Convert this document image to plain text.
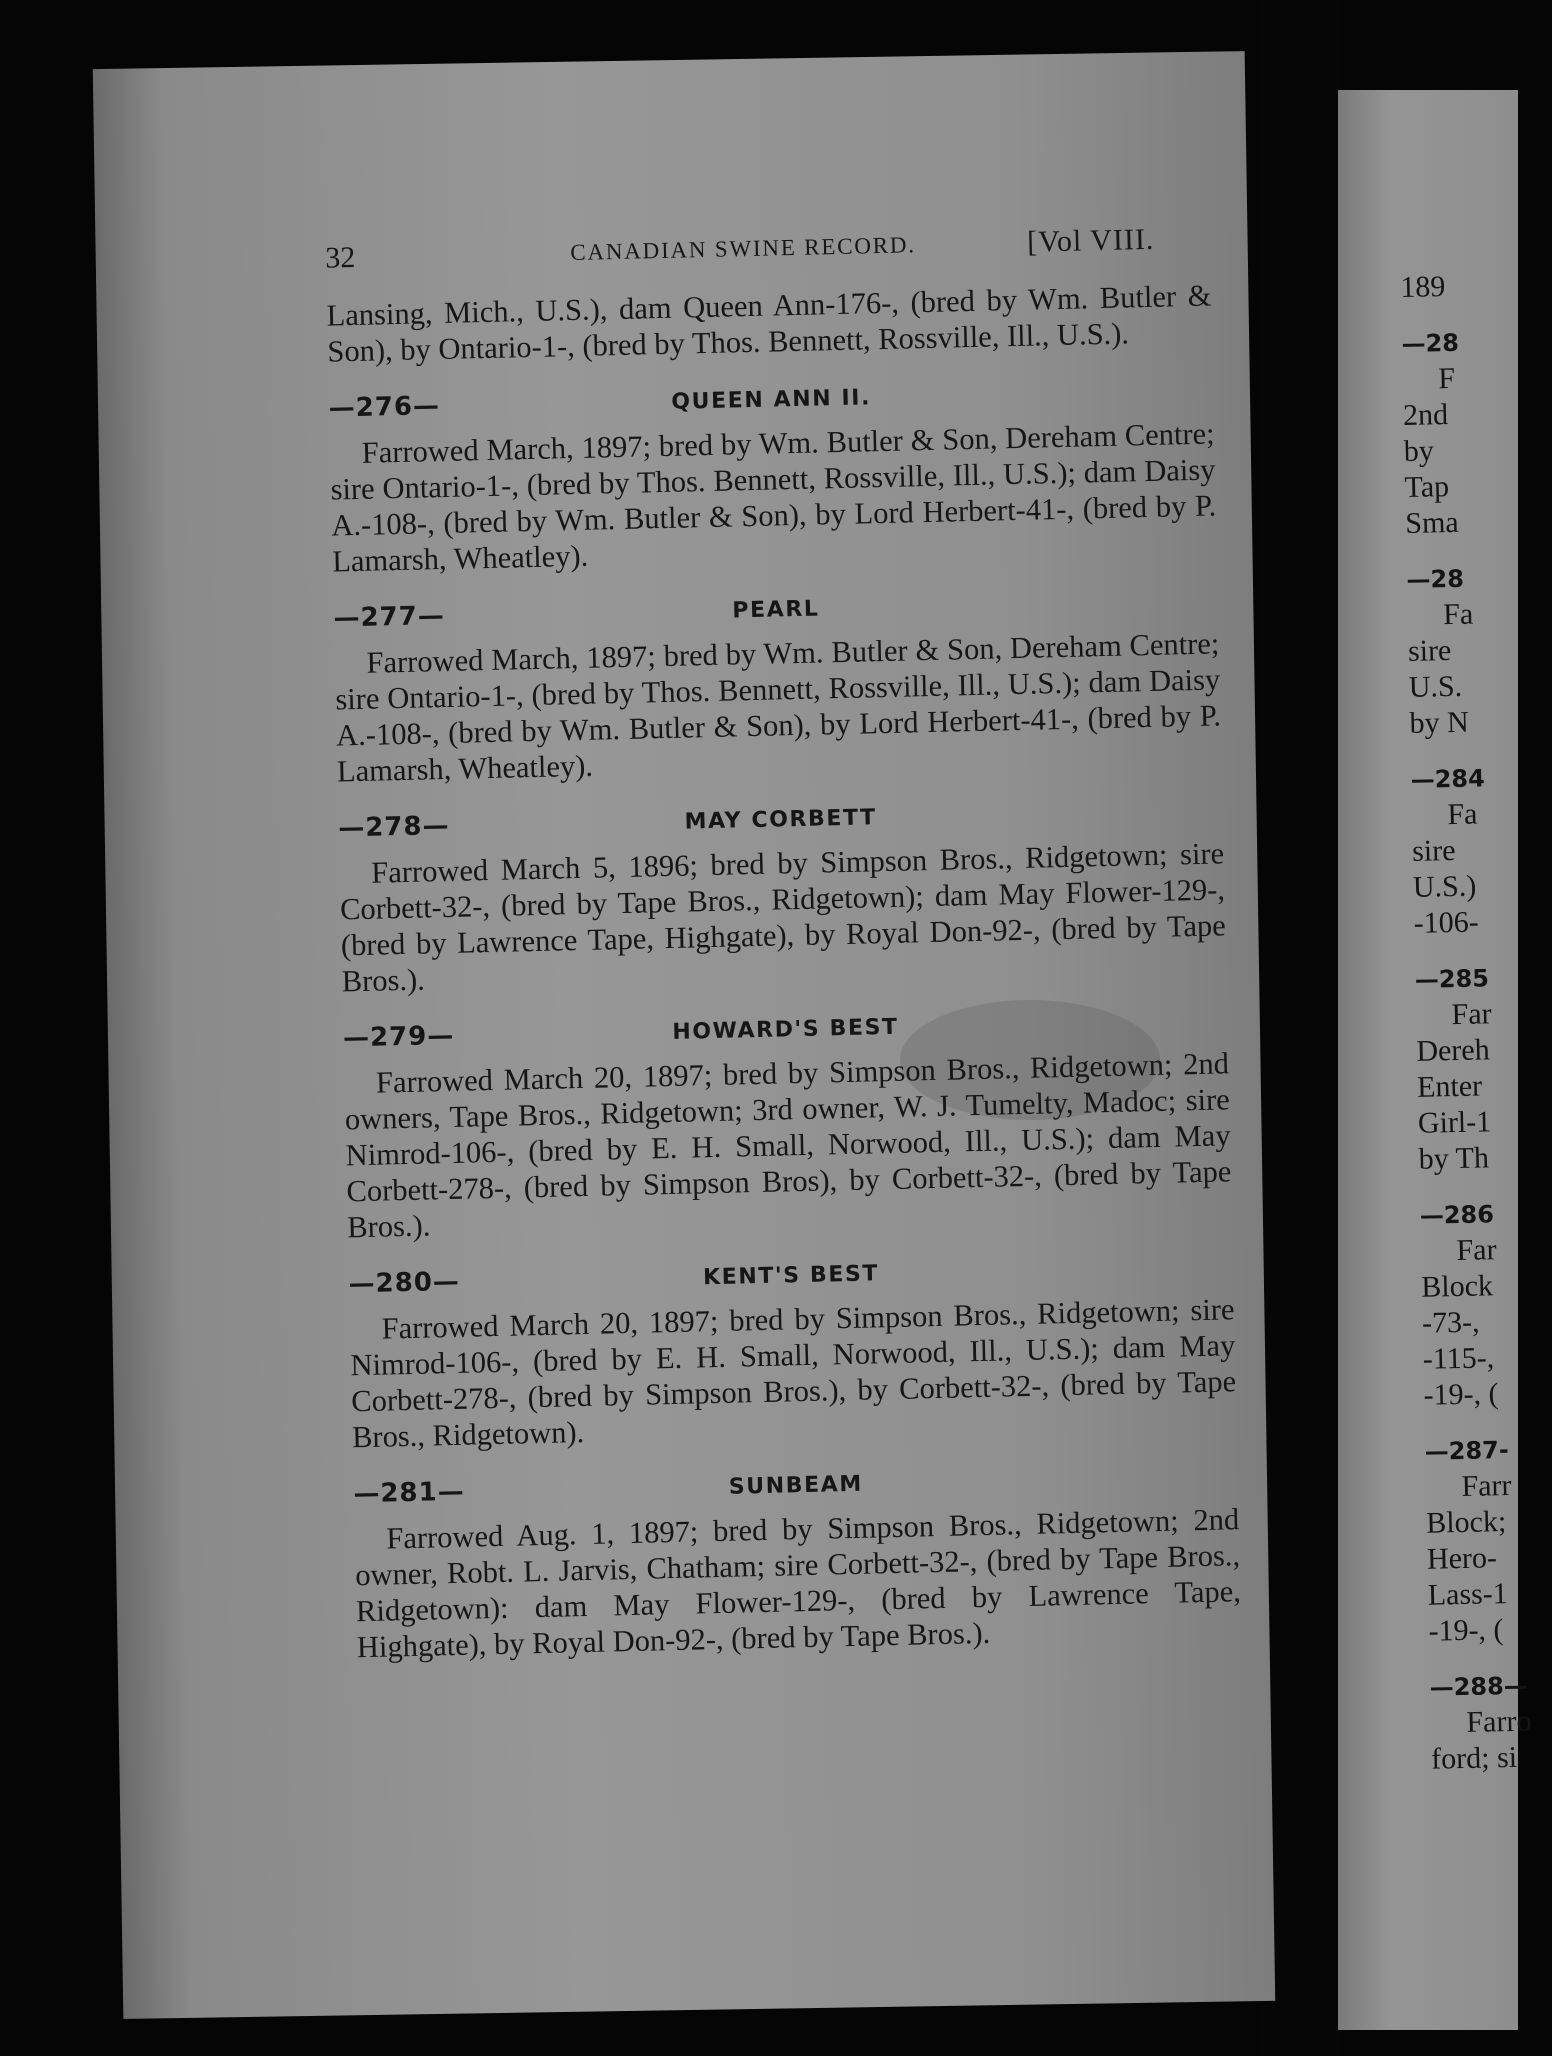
32	CANADIAN SWINE RECORD.	[Vol VIII.

Lansing, Mich., U.S.), dam Queen Ann-176-, (bred by Wm. Butler & Son), by Ontario-1-, (bred by Thos. Bennett, Rossville, Ill., U.S.).

—276—	QUEEN ANN II.

Farrowed March, 1897; bred by Wm. Butler & Son, Dereham Centre; sire Ontario-1-, (bred by Thos. Bennett, Rossville, Ill., U.S.); dam Daisy A.-108-, (bred by Wm. Butler & Son), by Lord Herbert-41-, (bred by P. Lamarsh, Wheatley).

—277—	PEARL

Farrowed March, 1897; bred by Wm. Butler & Son, Dereham Centre; sire Ontario-1-, (bred by Thos. Bennett, Rossville, Ill., U.S.); dam Daisy A.-108-, (bred by Wm. Butler & Son), by Lord Herbert-41-, (bred by P. Lamarsh, Wheatley).

—278—	MAY CORBETT

Farrowed March 5, 1896; bred by Simpson Bros., Ridgetown; sire Corbett-32-, (bred by Tape Bros., Ridgetown); dam May Flower-129-, (bred by Lawrence Tape, Highgate), by Royal Don-92-, (bred by Tape Bros.).

—279—	HOWARD'S BEST

Farrowed March 20, 1897; bred by Simpson Bros., Ridgetown; 2nd owners, Tape Bros., Ridgetown; 3rd owner, W. J. Tumelty, Madoc; sire Nimrod-106-, (bred by E. H. Small, Norwood, Ill., U.S.); dam May Corbett-278-, (bred by Simpson Bros), by Corbett-32-, (bred by Tape Bros.).

—280—	KENT'S BEST

Farrowed March 20, 1897; bred by Simpson Bros., Ridgetown; sire Nimrod-106-, (bred by E. H. Small, Norwood, Ill., U.S.); dam May Corbett-278-, (bred by Simpson Bros.), by Corbett-32-, (bred by Tape Bros., Ridgetown).

—281—	SUNBEAM

Farrowed Aug. 1, 1897; bred by Simpson Bros., Ridgetown; 2nd owner, Robt. L. Jarvis, Chatham; sire Corbett-32-, (bred by Tape Bros., Ridgetown): dam May Flower-129-, (bred by Lawrence Tape, Highgate), by Royal Don-92-, (bred by Tape Bros.).

189
—28
F
2nd
by
Tap
Sma
—28
Fa
sire
U.S.
by N
—284
Fa
sire
U.S.)
-106-
—285
Far
Dereh
Enter
Girl-1
by Th
—286
Far
Block
-73-,
-115-,
-19-, (
—287-
Farr
Block;
Hero-
Lass-1
-19-, (
—288—
Farro
ford; si
